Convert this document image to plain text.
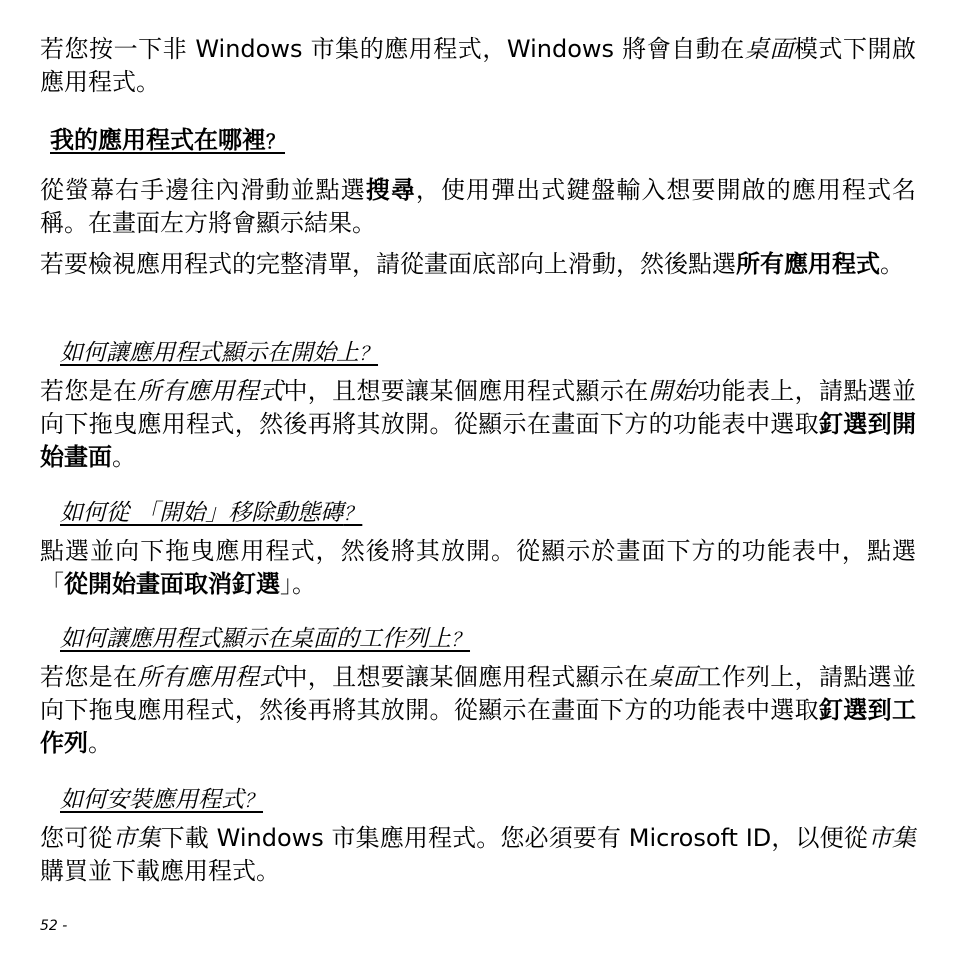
若您按一下非 Windows 市集的應用程式，Windows 將會自動在桌面模式下開啟應用程式。

我的應用程式在哪裡？

從螢幕右手邊往內滑動並點選搜尋，使用彈出式鍵盤輸入想要開啟的應用程式名稱。在畫面左方將會顯示結果。

若要檢視應用程式的完整清單，請從畫面底部向上滑動，然後點選所有應用程式。

如何讓應用程式顯示在開始上？

若您是在所有應用程式中，且想要讓某個應用程式顯示在開始功能表上，請點選並向下拖曳應用程式，然後再將其放開。從顯示在畫面下方的功能表中選取釘選到開始畫面。

如何從 「開始」移除動態磚？

點選並向下拖曳應用程式，然後將其放開。從顯示於畫面下方的功能表中，點選 「從開始畫面取消釘選」。

如何讓應用程式顯示在桌面的工作列上？

若您是在所有應用程式中，且想要讓某個應用程式顯示在桌面工作列上，請點選並向下拖曳應用程式，然後再將其放開。從顯示在畫面下方的功能表中選取釘選到工作列。

如何安裝應用程式？

您可從市集下載 Windows 市集應用程式。您必須要有 Microsoft ID，以便從市集購買並下載應用程式。

52 -
